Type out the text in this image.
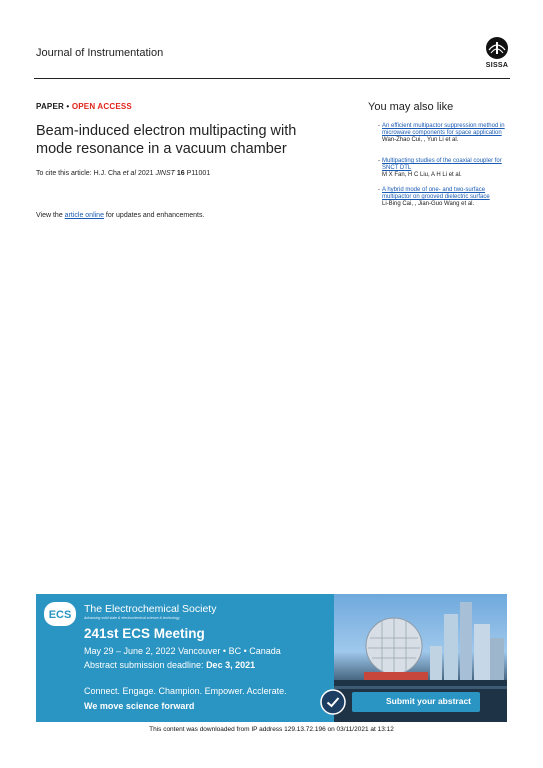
Journal of Instrumentation
SISSA
PAPER • OPEN ACCESS
Beam-induced electron multipacting with mode resonance in a vacuum chamber
To cite this article: H.J. Cha et al 2021 JINST 16 P11001
View the article online for updates and enhancements.
You may also like
- An efficient multipactor suppression method in microwave components for space application
Wan-Zhao Cui, , Yun Li et al.
- Multipacting studies of the coaxial coupler for SNCT DTL
M X Fan, H C Liu, A H Li et al.
- A hybrid mode of one- and two-surface multipactor on grooved dielectric surface
Li-Bing Cai, , Jian-Guo Wang et al.
ECS The Electrochemical Society
Advancing solid state & electrochemical science & technology
241st ECS Meeting
May 29 – June 2, 2022 Vancouver • BC • Canada
Abstract submission deadline: Dec 3, 2021
Connect. Engage. Champion. Empower. Acclerate.
We move science forward	Submit your abstract
This content was downloaded from IP address 129.13.72.196 on 03/11/2021 at 13:12
